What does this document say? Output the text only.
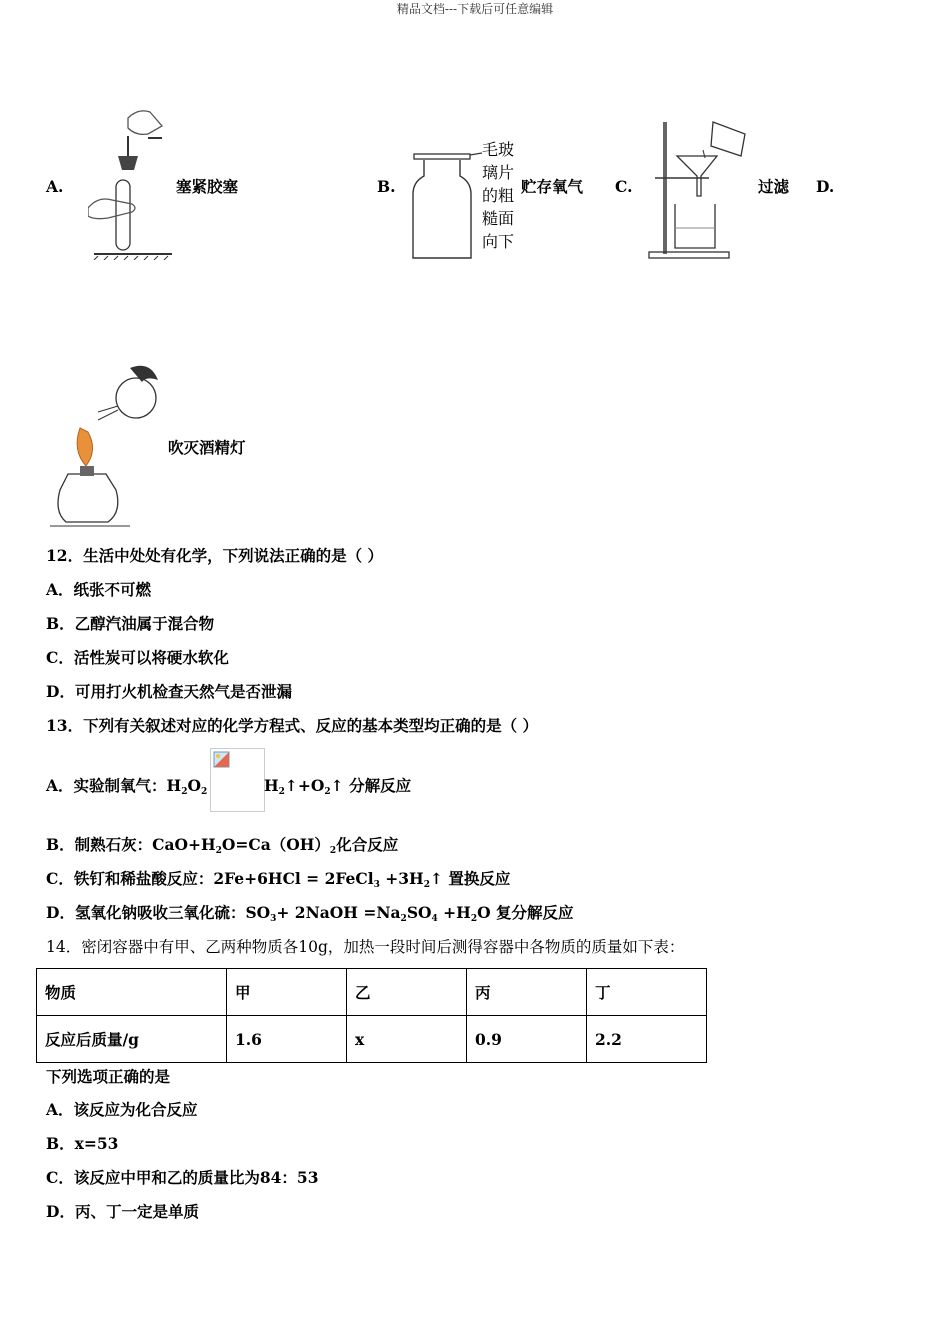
精品文档---下载后可任意编辑
A.	塞紧胶塞	B.
毛玻
璃片
的粗
糙面
向下
贮存氧气 C.	过滤 D.
吹灭酒精灯
12．生活中处处有化学，下列说法正确的是（ ）
A．纸张不可燃
B．乙醇汽油属于混合物
C．活性炭可以将硬水软化
D．可用打火机检查天然气是否泄漏
13．下列有关叙述对应的化学方程式、反应的基本类型均正确的是（ ）
A．实验制氧气：$H_2O_2$	$H_2↑+O_2↑$ 分解反应
B．制熟石灰：$CaO+H_2O=Ca(OH)_2$化合反应
C．铁钉和稀盐酸反应：2Fe+6HCl = 2FeCl$_3$ $+3H_2↑$ 置换反应
D．氢氧化钠吸收三氧化硫：$SO_3+$ 2NaOH $=Na_2SO_4 +H_2O$ 复分解反应
14．密闭容器中有甲、乙两种物质各10g，加热一段时间后测得容器中各物质的质量如下表：
物质	甲	乙	丙	丁
反应后质量/g	1.6	x	0.9	2.2
下列选项正确的是
A．该反应为化合反应
B．x=53
C．该反应中甲和乙的质量比为84：53
D．丙、丁一定是单质
